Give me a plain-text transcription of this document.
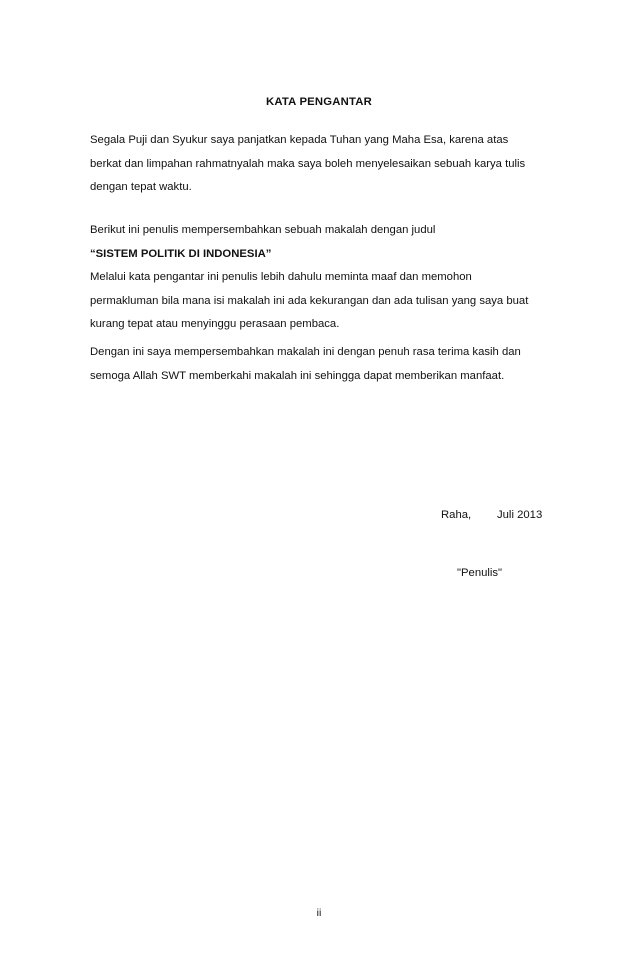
KATA PENGANTAR
Segala Puji dan Syukur saya panjatkan kepada Tuhan yang Maha Esa, karena atas
berkat dan limpahan rahmatnyalah maka saya boleh menyelesaikan sebuah karya tulis
dengan tepat waktu.
Berikut ini penulis mempersembahkan sebuah makalah dengan judul
“SISTEM POLITIK DI INDONESIA”
Melalui kata pengantar ini penulis lebih dahulu meminta maaf dan memohon
permakluman bila mana isi makalah ini ada kekurangan dan ada tulisan yang saya buat
kurang tepat atau menyinggu perasaan pembaca.
Dengan ini saya mempersembahkan makalah ini dengan penuh rasa terima kasih dan
semoga Allah SWT memberkahi makalah ini sehingga dapat memberikan manfaat.
Raha, Juli 2013
"Penulis"
ii
